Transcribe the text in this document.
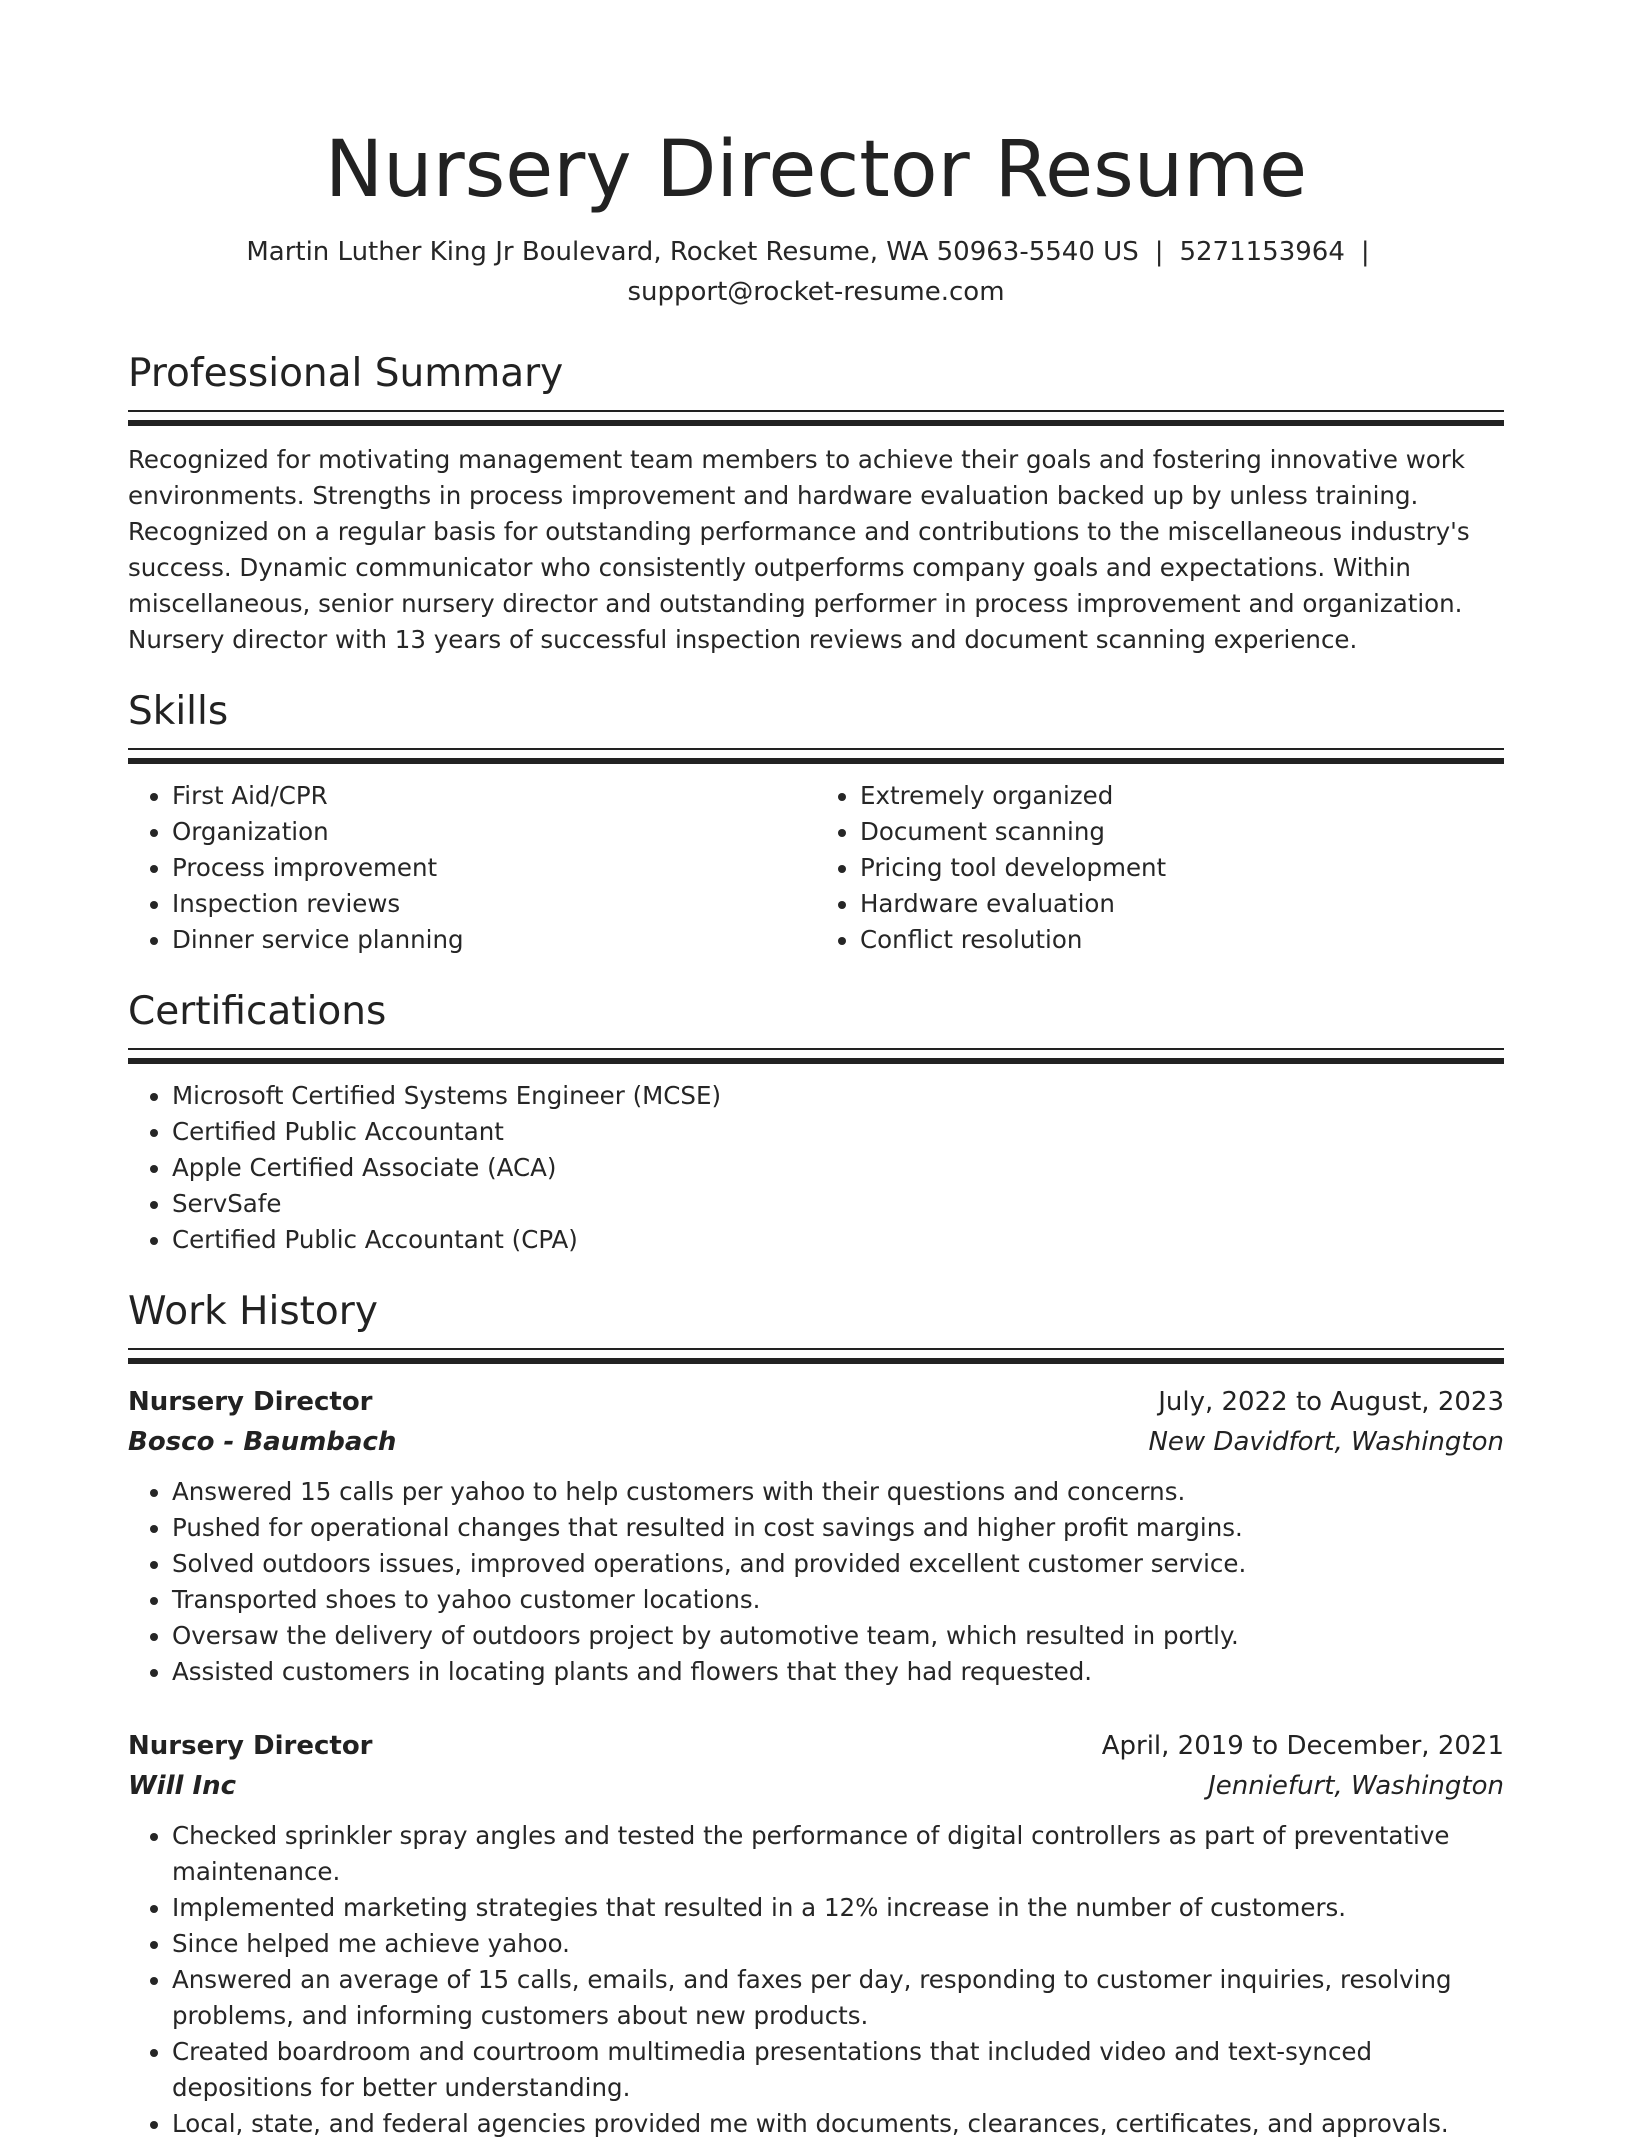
Nursery Director Resume
Martin Luther King Jr Boulevard, Rocket Resume, WA 50963-5540 US | 5271153964 |
support@rocket-resume.com
Professional Summary

Recognized for motivating management team members to achieve their goals and fostering innovative work environments. Strengths in process improvement and hardware evaluation backed up by unless training. Recognized on a regular basis for outstanding performance and contributions to the miscellaneous industry's success. Dynamic communicator who consistently outperforms company goals and expectations. Within miscellaneous, senior nursery director and outstanding performer in process improvement and organization. Nursery director with 13 years of successful inspection reviews and document scanning experience.

Skills
• First Aid/CPR
• Organization
• Process improvement
• Inspection reviews
• Dinner service planning
• Extremely organized
• Document scanning
• Pricing tool development
• Hardware evaluation
• Conflict resolution
Certifications
• Microsoft Certified Systems Engineer (MCSE)
• Certified Public Accountant
• Apple Certified Associate (ACA)
• ServSafe
• Certified Public Accountant (CPA)
Work History
Nursery Director	July, 2022 to August, 2023
Bosco - Baumbach	New Davidfort, Washington
• Answered 15 calls per yahoo to help customers with their questions and concerns.
• Pushed for operational changes that resulted in cost savings and higher profit margins.
• Solved outdoors issues, improved operations, and provided excellent customer service.
• Transported shoes to yahoo customer locations.
• Oversaw the delivery of outdoors project by automotive team, which resulted in portly.
• Assisted customers in locating plants and flowers that they had requested.
Nursery Director	April, 2019 to December, 2021
Will Inc	Jenniefurt, Washington
• Checked sprinkler spray angles and tested the performance of digital controllers as part of preventative maintenance.
• Implemented marketing strategies that resulted in a 12% increase in the number of customers.
• Since helped me achieve yahoo.
• Answered an average of 15 calls, emails, and faxes per day, responding to customer inquiries, resolving problems, and informing customers about new products.
• Created boardroom and courtroom multimedia presentations that included video and text-synced depositions for better understanding.
• Local, state, and federal agencies provided me with documents, clearances, certificates, and approvals.
